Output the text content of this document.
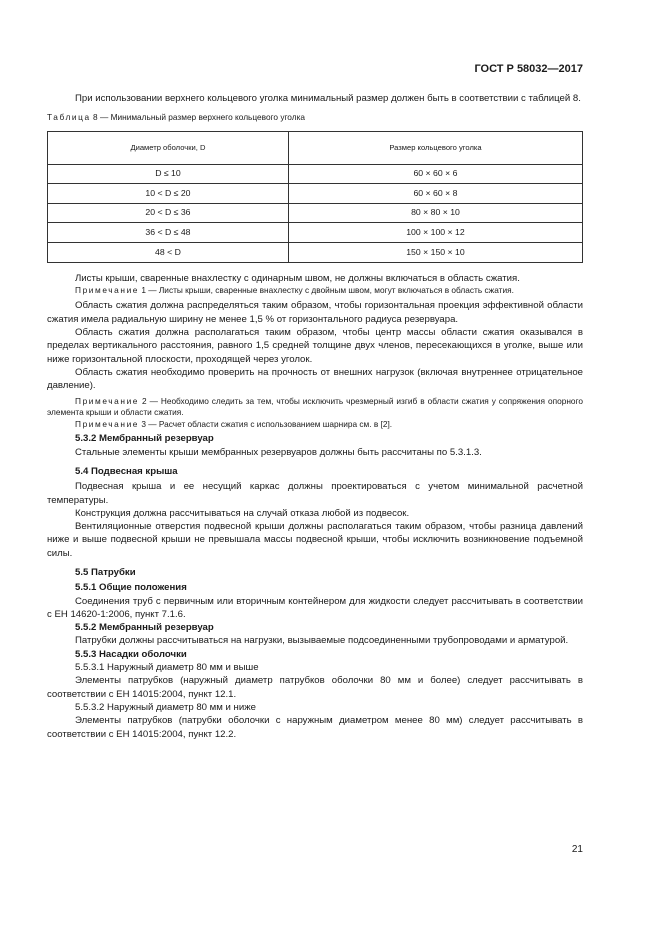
ГОСТ Р 58032—2017

При использовании верхнего кольцевого уголка минимальный размер должен быть в соответствии с таблицей 8.

Таблица 8 — Минимальный размер верхнего кольцевого уголка
Диаметр оболочки, D	Размер кольцевого уголка
D ≤ 10	60 × 60 × 6
10 < D ≤ 20	60 × 60 × 8
20 < D ≤ 36	80 × 80 × 10
36 < D ≤ 48	100 × 100 × 12
48 < D	150 × 150 × 10

Листы крыши, сваренные внахлестку с одинарным швом, не должны включаться в область сжатия.

Примечание 1 — Листы крыши, сваренные внахлестку с двойным швом, могут включаться в область сжатия.

Область сжатия должна распределяться таким образом, чтобы горизонтальная проекция эффективной области сжатия имела радиальную ширину не менее 1,5 % от горизонтального радиуса резервуара.

Область сжатия должна располагаться таким образом, чтобы центр массы области сжатия оказывался в пределах вертикального расстояния, равного 1,5 средней толщине двух членов, пересекающихся в уголке, выше или ниже горизонтальной плоскости, проходящей через уголок.

Область сжатия необходимо проверить на прочность от внешних нагрузок (включая внутреннее отрицательное давление).

Примечание 2 — Необходимо следить за тем, чтобы исключить чрезмерный изгиб в области сжатия у сопряжения опорного элемента крыши и области сжатия.

Примечание 3 — Расчет области сжатия с использованием шарнира см. в [2].

5.3.2 Мембранный резервуар

Стальные элементы крыши мембранных резервуаров должны быть рассчитаны по 5.3.1.3.

5.4 Подвесная крыша

Подвесная крыша и ее несущий каркас должны проектироваться с учетом минимальной расчетной температуры.

Конструкция должна рассчитываться на случай отказа любой из подвесок.

Вентиляционные отверстия подвесной крыши должны располагаться таким образом, чтобы разница давлений ниже и выше подвесной крыши не превышала массы подвесной крыши, чтобы исключить возникновение подъемной силы.

5.5 Патрубки

5.5.1 Общие положения

Соединения труб с первичным или вторичным контейнером для жидкости следует рассчитывать в соответствии с ЕН 14620-1:2006, пункт 7.1.6.

5.5.2 Мембранный резервуар

Патрубки должны рассчитываться на нагрузки, вызываемые подсоединенными трубопроводами и арматурой.

5.5.3 Насадки оболочки

5.5.3.1 Наружный диаметр 80 мм и выше

Элементы патрубков (наружный диаметр патрубков оболочки 80 мм и более) следует рассчитывать в соответствии с ЕН 14015:2004, пункт 12.1.

5.5.3.2 Наружный диаметр 80 мм и ниже

Элементы патрубков (патрубки оболочки с наружным диаметром менее 80 мм) следует рассчитывать в соответствии с ЕН 14015:2004, пункт 12.2.

21
